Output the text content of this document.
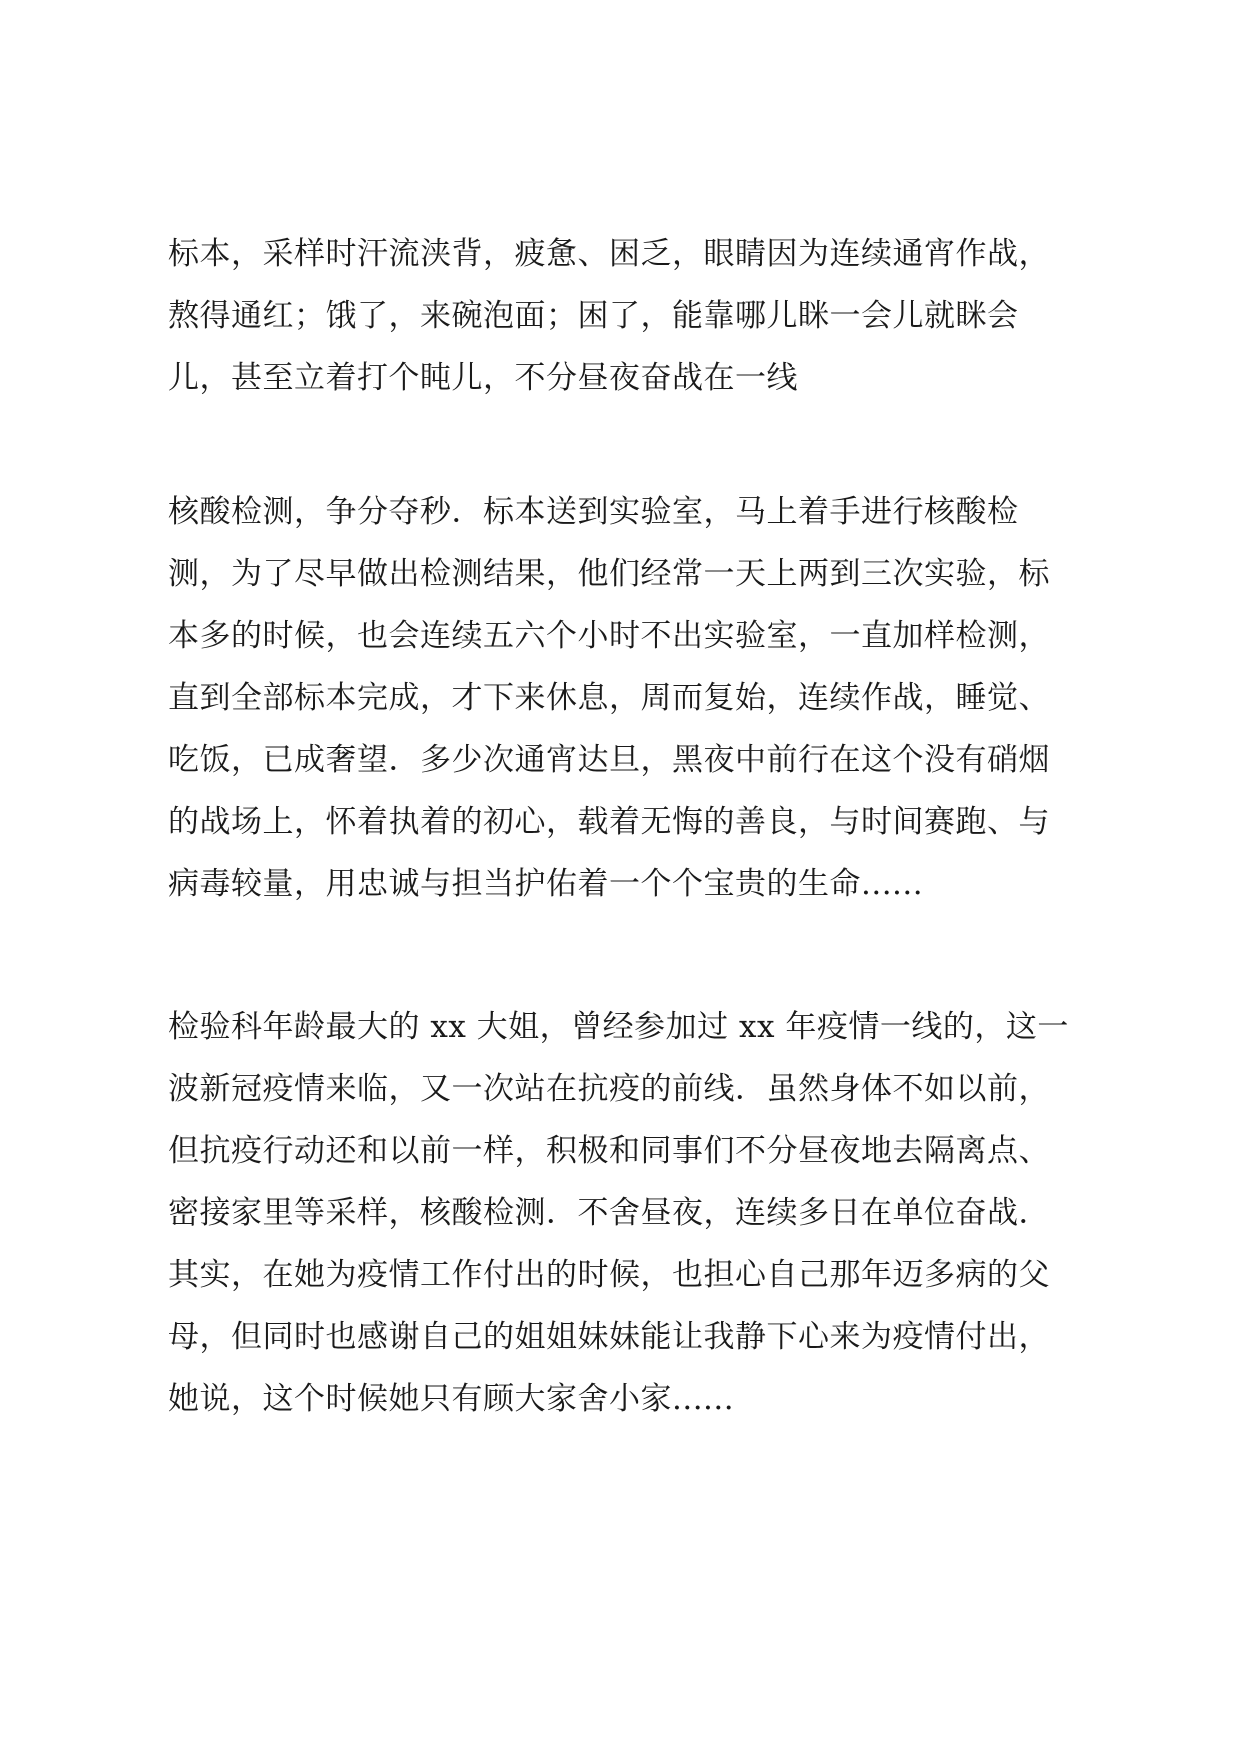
标本，采样时汗流浃背，疲惫、困乏，眼睛因为连续通宵作战，
熬得通红；饿了，来碗泡面；困了，能靠哪儿眯一会儿就眯会
儿，甚至立着打个盹儿，不分昼夜奋战在一线
核酸检测，争分夺秒．标本送到实验室，马上着手进行核酸检
测，为了尽早做出检测结果，他们经常一天上两到三次实验，标
本多的时候，也会连续五六个小时不出实验室，一直加样检测，
直到全部标本完成，才下来休息，周而复始，连续作战，睡觉、
吃饭，已成奢望．多少次通宵达旦，黑夜中前行在这个没有硝烟
的战场上，怀着执着的初心，载着无悔的善良，与时间赛跑、与
病毒较量，用忠诚与担当护佑着一个个宝贵的生命......
检验科年龄最大的 xx 大姐，曾经参加过 xx 年疫情一线的，这一
波新冠疫情来临，又一次站在抗疫的前线．虽然身体不如以前，
但抗疫行动还和以前一样，积极和同事们不分昼夜地去隔离点、
密接家里等采样，核酸检测．不舍昼夜，连续多日在单位奋战．
其实，在她为疫情工作付出的时候，也担心自己那年迈多病的父
母，但同时也感谢自己的姐姐妹妹能让我静下心来为疫情付出，
她说，这个时候她只有顾大家舍小家......
